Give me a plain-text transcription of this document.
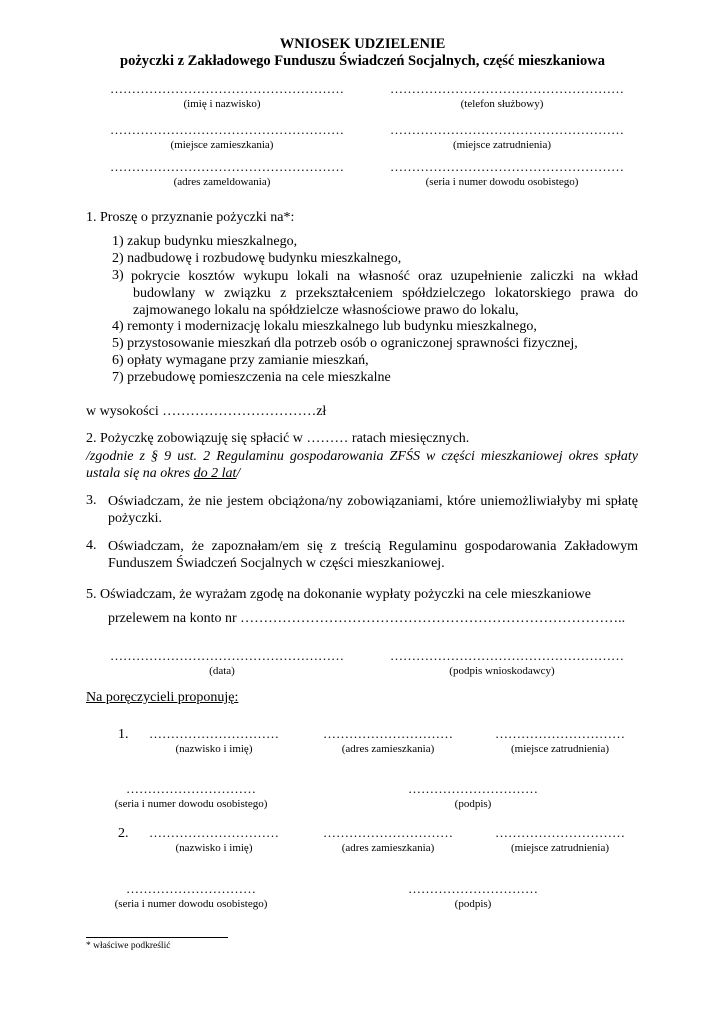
WNIOSEK UDZIELENIE
pożyczki z Zakładowego Funduszu Świadczeń Socjalnych, część mieszkaniowa
………………………………………………
(imię i nazwisko)
………………………………………………
(telefon służbowy)
………………………………………………
(miejsce zamieszkania)
………………………………………………
(miejsce zatrudnienia)
………………………………………………
(adres zameldowania)
………………………………………………
(seria i numer dowodu osobistego)
1. Proszę o przyznanie pożyczki na*:
1) zakup budynku mieszkalnego,
2) nadbudowę i rozbudowę budynku mieszkalnego,
3) pokrycie kosztów wykupu lokali na własność oraz uzupełnienie zaliczki na wkład budowlany w związku z przekształceniem spółdzielczego lokatorskiego prawa do zajmowanego lokalu na spółdzielcze własnościowe prawo do lokalu,
4) remonty i modernizację lokalu mieszkalnego lub budynku mieszkalnego,
5) przystosowanie mieszkań dla potrzeb osób o ograniczonej sprawności fizycznej,
6) opłaty wymagane przy zamianie mieszkań,
7) przebudowę pomieszczenia na cele mieszkalne
w wysokości ……………………………zł
2. Pożyczkę zobowiązuję się spłacić w ……… ratach miesięcznych.
/zgodnie z § 9 ust. 2 Regulaminu gospodarowania ZFŚS w części mieszkaniowej okres spłaty ustala się na okres do 2 lat/
3. Oświadczam, że nie jestem obciążona/ny zobowiązaniami, które uniemożliwiałyby mi spłatę pożyczki.
4. Oświadczam, że zapoznałam/em się z treścią Regulaminu gospodarowania Zakładowym Funduszem Świadczeń Socjalnych w części mieszkaniowej.
5. Oświadczam, że wyrażam zgodę na dokonanie wypłaty pożyczki na cele mieszkaniowe
przelewem na konto nr ………………………………………………………………………..
………………………………………………
(data)
………………………………………………
(podpis wnioskodawcy)
Na poręczycieli proponuję:
1.	…………………………
(nazwisko i imię)
…………………………
(adres zamieszkania)
…………………………
(miejsce zatrudnienia)
…………………………
(seria i numer dowodu osobistego)
…………………………
(podpis)
2.	…………………………
(nazwisko i imię)
…………………………
(adres zamieszkania)
…………………………
(miejsce zatrudnienia)
…………………………
(seria i numer dowodu osobistego)
…………………………
(podpis)
* właściwe podkreślić
